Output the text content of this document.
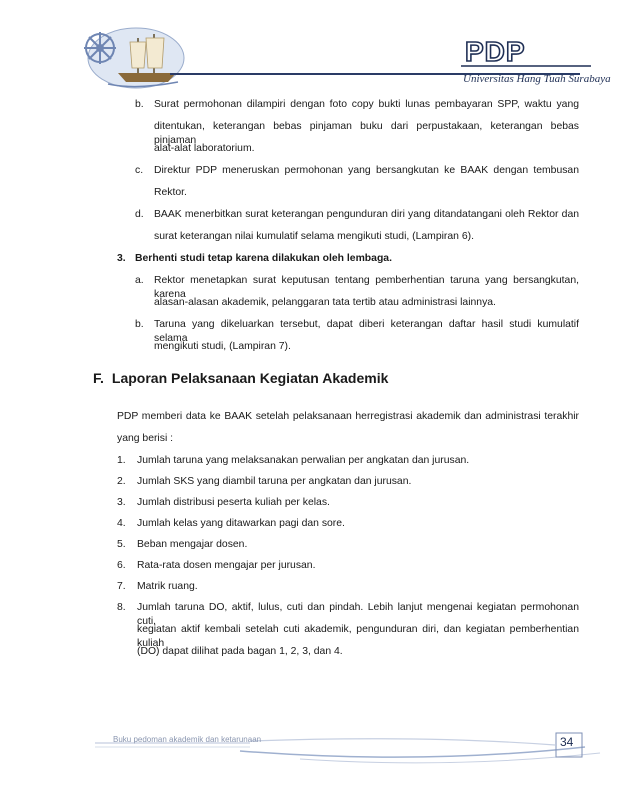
PDP
Universitas Hang Tuah Surabaya
b. Surat permohonan dilampiri dengan foto copy bukti lunas pembayaran SPP, waktu yang
ditentukan, keterangan bebas pinjaman buku dari perpustakaan, keterangan bebas pinjaman
alat-alat laboratorium.
c. Direktur PDP meneruskan permohonan yang bersangkutan ke BAAK dengan tembusan
Rektor.
d. BAAK menerbitkan surat keterangan pengunduran diri yang ditandatangani oleh Rektor dan
surat keterangan nilai kumulatif selama mengikuti studi, (Lampiran 6).
3. Berhenti studi tetap karena dilakukan oleh lembaga.
a. Rektor menetapkan surat keputusan tentang pemberhentian taruna yang bersangkutan, karena
alasan-alasan akademik, pelanggaran tata tertib atau administrasi lainnya.
b. Taruna yang dikeluarkan tersebut, dapat diberi keterangan daftar hasil studi kumulatif selama
mengikuti studi, (Lampiran 7).
F. Laporan Pelaksanaan Kegiatan Akademik
PDP memberi data ke BAAK setelah pelaksanaan herregistrasi akademik dan administrasi terakhir
yang berisi :
1. Jumlah taruna yang melaksanakan perwalian per angkatan dan jurusan.
2. Jumlah SKS yang diambil taruna per angkatan dan jurusan.
3. Jumlah distribusi peserta kuliah per kelas.
4. Jumlah kelas yang ditawarkan pagi dan sore.
5. Beban mengajar dosen.
6. Rata-rata dosen mengajar per jurusan.
7. Matrik ruang.
8. Jumlah taruna DO, aktif, lulus, cuti dan pindah. Lebih lanjut mengenai kegiatan permohonan cuti,
kegiatan aktif kembali setelah cuti akademik, pengunduran diri, dan kegiatan pemberhentian kuliah
(DO) dapat dilihat pada bagan 1, 2, 3, dan 4.
Buku pedoman akademik dan ketarunaan	34
